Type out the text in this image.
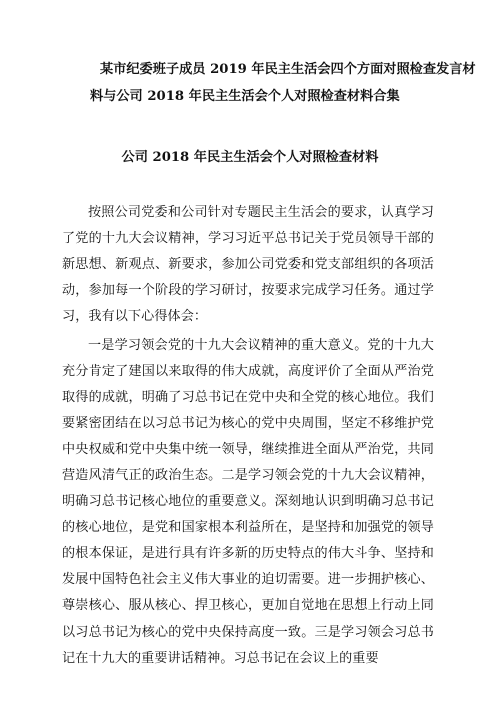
某市纪委班子成员 2019 年民主生活会四个方面对照检查发言材
料与公司 2018 年民主生活会个人对照检查材料合集
公司 2018 年民主生活会个人对照检查材料

按照公司党委和公司针对专题民主生活会的要求，认真学习了党的十九大会议精神，学习习近平总书记关于党员领导干部的新思想、新观点、新要求，参加公司党委和党支部组织的各项活动，参加每一个阶段的学习研讨，按要求完成学习任务。通过学习，我有以下心得体会：

一是学习领会党的十九大会议精神的重大意义。党的十九大充分肯定了建国以来取得的伟大成就，高度评价了全面从严治党取得的成就，明确了习总书记在党中央和全党的核心地位。我们要紧密团结在以习总书记为核心的党中央周围，坚定不移维护党中央权威和党中央集中统一领导，继续推进全面从严治党，共同营造风清气正的政治生态。二是学习领会党的十九大会议精神，明确习总书记核心地位的重要意义。深刻地认识到明确习总书记的核心地位，是党和国家根本利益所在，是坚持和加强党的领导的根本保证，是进行具有许多新的历史特点的伟大斗争、坚持和发展中国特色社会主义伟大事业的迫切需要。进一步拥护核心、尊崇核心、服从核心、捍卫核心，更加自觉地在思想上行动上同以习总书记为核心的党中央保持高度一致。三是学习领会习总书记在十九大的重要讲话精神。习总书记在会议上的重要
